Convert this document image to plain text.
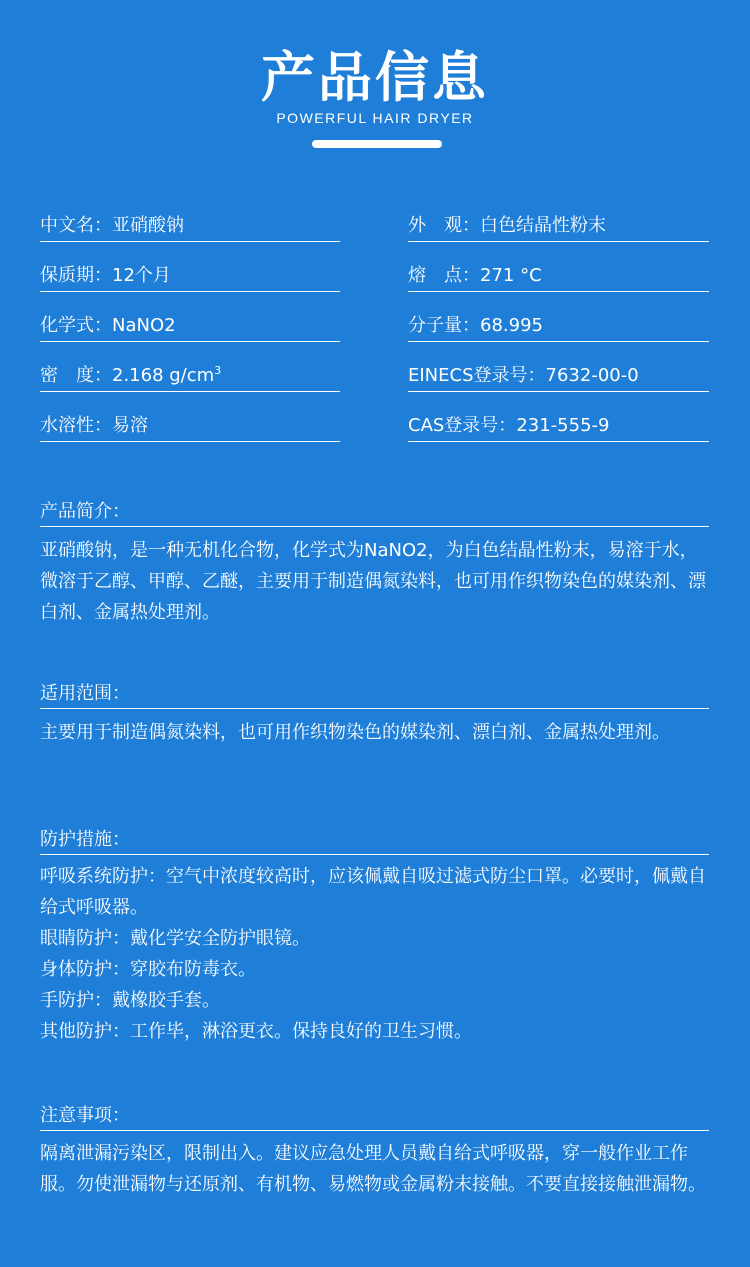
产品信息
POWERFUL HAIR DRYER
中文名：亚硝酸钠
保质期：12个月
化学式：NaNO2
密　度：2.168 $g/cm^3$
水溶性：易溶
外　观：白色结晶性粉末
熔　点：271 °C
分子量：68.995
EINECS登录号：7632-00-0
CAS登录号：231-555-9
产品简介：
亚硝酸钠，是一种无机化合物，化学式为NaNO2，为白色结晶性粉末，易溶于水，微溶于乙醇、甲醇、乙醚，主要用于制造偶氮染料，也可用作织物染色的媒染剂、漂白剂、金属热处理剂。
适用范围：
主要用于制造偶氮染料，也可用作织物染色的媒染剂、漂白剂、金属热处理剂。
防护措施：

呼吸系统防护：空气中浓度较高时，应该佩戴自吸过滤式防尘口罩。必要时，佩戴自给式呼吸器。

眼睛防护：戴化学安全防护眼镜。

身体防护：穿胶布防毒衣。

手防护：戴橡胶手套。

其他防护：工作毕，淋浴更衣。保持良好的卫生习惯。

注意事项：
隔离泄漏污染区，限制出入。建议应急处理人员戴自给式呼吸器，穿一般作业工作服。勿使泄漏物与还原剂、有机物、易燃物或金属粉末接触。不要直接接触泄漏物。
